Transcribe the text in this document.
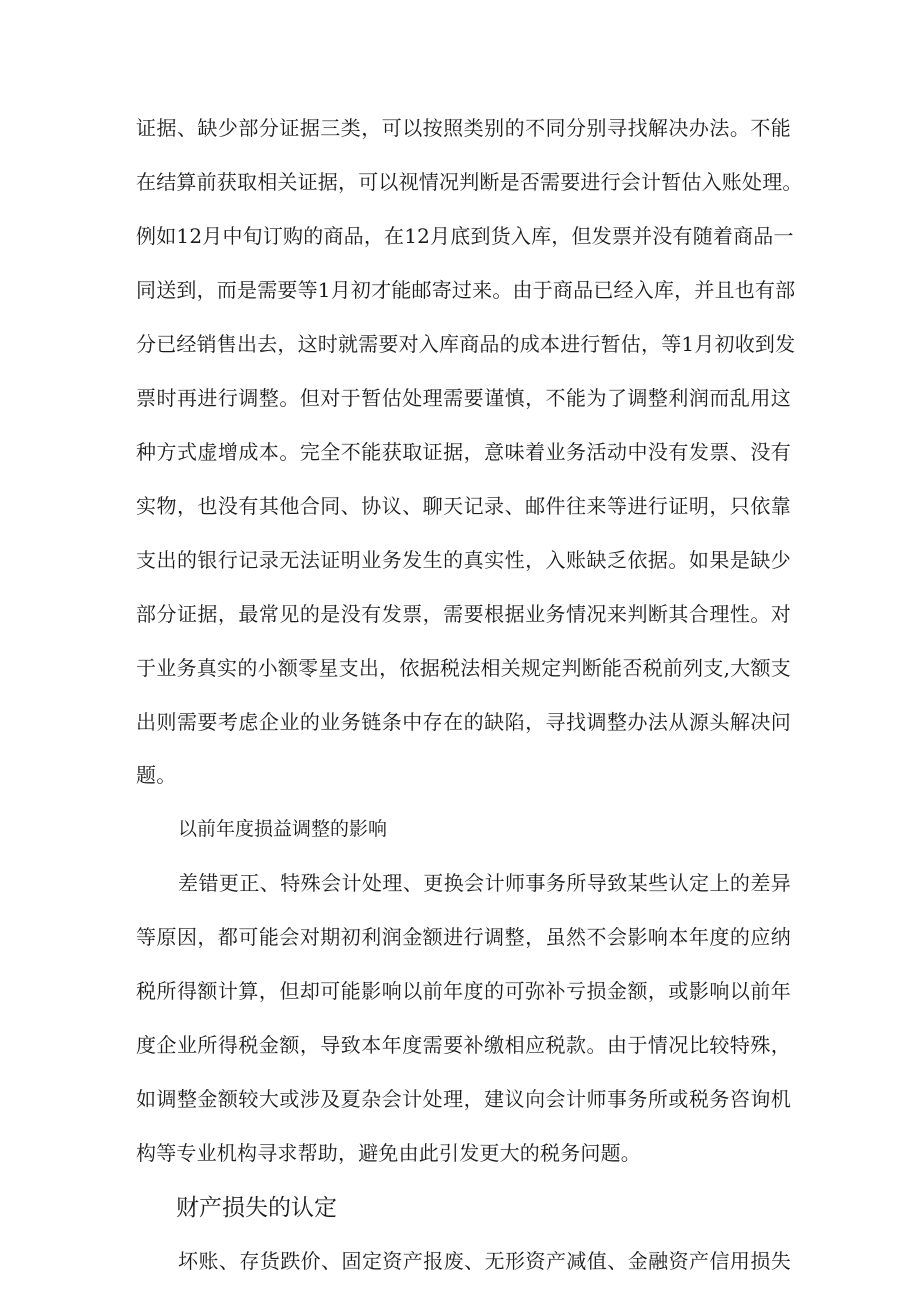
证据、缺少部分证据三类，可以按照类别的不同分别寻找解决办法。不能
在结算前获取相关证据，可以视情况判断是否需要进行会计暂估入账处理。
例如12月中旬订购的商品，在12月底到货入库，但发票并没有随着商品一
同送到，而是需要等1月初才能邮寄过来。由于商品已经入库，并且也有部
分已经销售出去，这时就需要对入库商品的成本进行暂估，等1月初收到发
票时再进行调整。但对于暂估处理需要谨慎，不能为了调整利润而乱用这
种方式虚增成本。完全不能获取证据，意味着业务活动中没有发票、没有
实物，也没有其他合同、协议、聊天记录、邮件往来等进行证明，只依靠
支出的银行记录无法证明业务发生的真实性，入账缺乏依据。如果是缺少
部分证据，最常见的是没有发票，需要根据业务情况来判断其合理性。对
于业务真实的小额零星支出，依据税法相关规定判断能否税前列支,大额支
出则需要考虑企业的业务链条中存在的缺陷，寻找调整办法从源头解决问
题。
以前年度损益调整的影响
差错更正、特殊会计处理、更换会计师事务所导致某些认定上的差异
等原因，都可能会对期初利润金额进行调整，虽然不会影响本年度的应纳
税所得额计算，但却可能影响以前年度的可弥补亏损金额，或影响以前年
度企业所得税金额，导致本年度需要补缴相应税款。由于情况比较特殊，
如调整金额较大或涉及夏杂会计处理，建议向会计师事务所或税务咨询机
构等专业机构寻求帮助，避免由此引发更大的税务问题。
财产损失的认定
坏账、存货跌价、固定资产报废、无形资产减值、金融资产信用损失
